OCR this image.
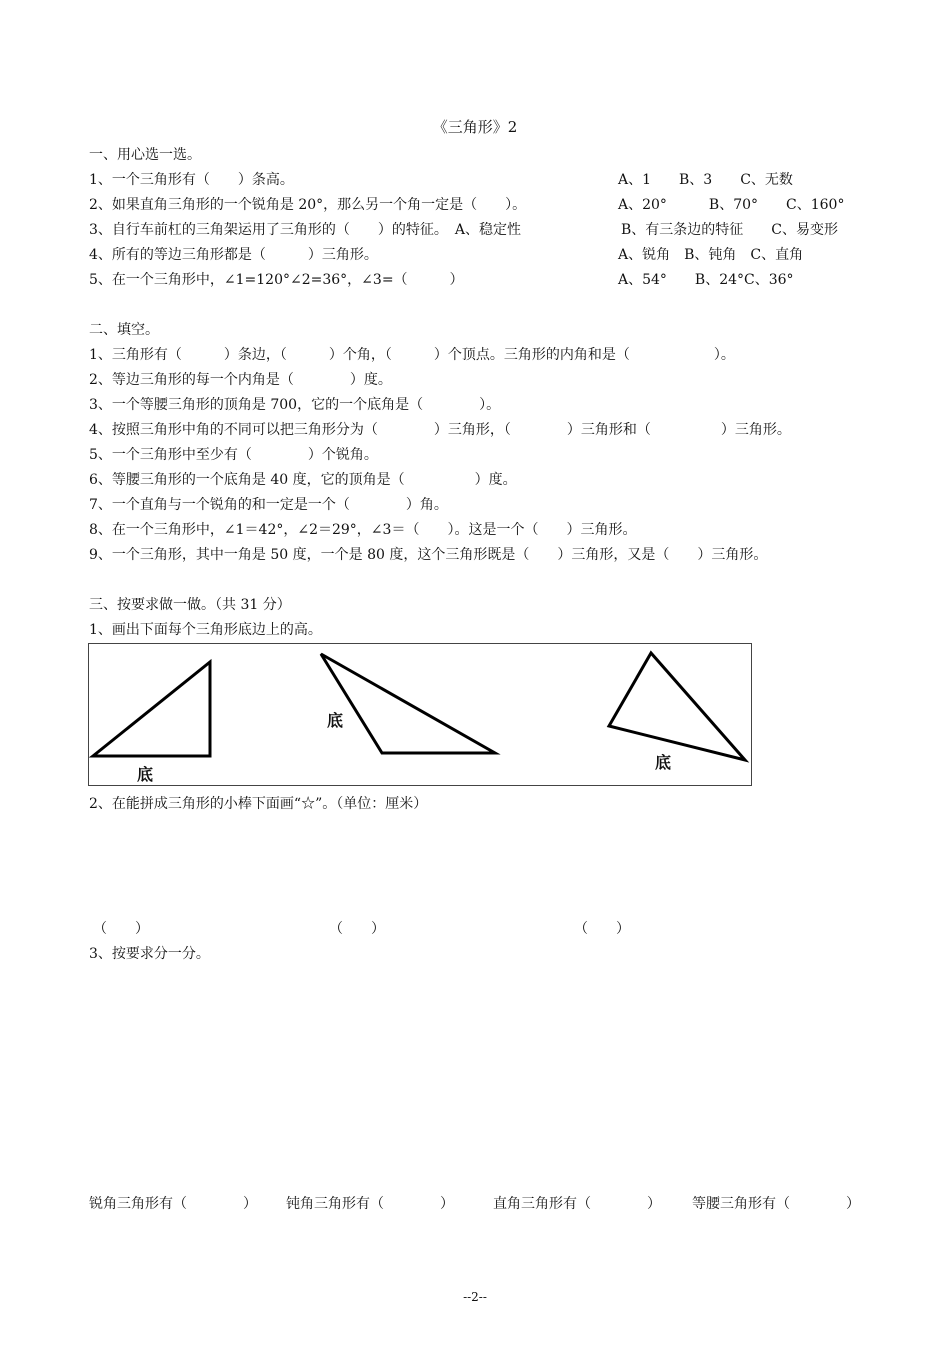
《三角形》2
一、用心选一选。
1、一个三角形有（　　）条高。	A、1　　B、3　　C、无数
2、如果直角三角形的一个锐角是 20°，那么另一个角一定是（　　）。	A、20°　　　B、70°　　C、160°
3、自行车前杠的三角架运用了三角形的（　　）的特征。　A、稳定性	B、有三条边的特征　　C、易变形
4、所有的等边三角形都是（　　　）三角形。	A、锐角　B、钝角　C、直角
5、在一个三角形中，∠1=120°∠2=36°，∠3=（　　　）	A、54°　　B、24°C、36°
二、填空。
1、三角形有（　　　）条边，（　　　）个角，（　　　）个顶点。三角形的内角和是（　　　　　　）。
2、等边三角形的每一个内角是（　　　　）度。
3、一个等腰三角形的顶角是 700，它的一个底角是（　　　　）。
4、按照三角形中角的不同可以把三角形分为（　　　　）三角形，（　　　　）三角形和（　　　　　）三角形。
5、一个三角形中至少有（　　　　）个锐角。
6、等腰三角形的一个底角是 40 度，它的顶角是（　　　　　）度。
7、一个直角与一个锐角的和一定是一个（　　　　）角。
8、在一个三角形中，∠1＝42°，∠2＝29°，∠3＝（　　）。这是一个（　　）三角形。
9、一个三角形，其中一角是 50 度，一个是 80 度，这个三角形既是（　　）三角形，又是（　　）三角形。
三、按要求做一做。（共 31 分）
1、画出下面每个三角形底边上的高。
底
底
底
2、在能拼成三角形的小棒下面画“☆”。（单位：厘米）
（　　）	（　　）	（　　）
3、按要求分一分。
锐角三角形有（　　　　） 钝角三角形有（　　　　）	直角三角形有（　　　　） 等腰三角形有（　　　　）
--2--
